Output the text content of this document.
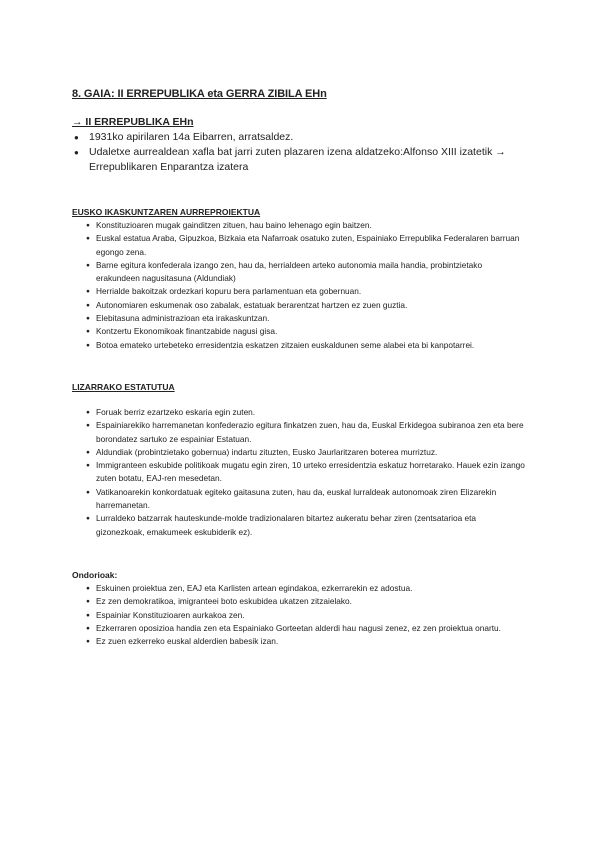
8. GAIA: II ERREPUBLIKA eta GERRA ZIBILA EHn
→ II ERREPUBLIKA EHn
● 1931ko apirilaren 14a Eibarren, arratsaldez.
● Udaletxe aurrealdean xafla bat jarri zuten plazaren izena aldatzeko:Alfonso XIII izatetik → Errepublikaren Enparantza izatera
EUSKO IKASKUNTZAREN AURREPROIEKTUA
● Konstituzioaren mugak gainditzen zituen, hau baino lehenago egin baitzen.
● Euskal estatua Araba, Gipuzkoa, Bizkaia eta Nafarroak osatuko zuten, Espainiako Errepublika Federalaren barruan egongo zena.
● Barne egitura konfederala izango zen, hau da, herrialdeen arteko autonomia maila handia, probintzietako erakundeen nagusitasuna (Aldundiak)
● Herrialde bakoitzak ordezkari kopuru bera parlamentuan eta gobernuan.
● Autonomiaren eskumenak oso zabalak, estatuak berarentzat hartzen ez zuen guztia.
● Elebitasuna administrazioan eta irakaskuntzan.
● Kontzertu Ekonomikoak finantzabide nagusi gisa.
● Botoa emateko urtebeteko erresidentzia eskatzen zitzaien euskaldunen seme alabei eta bi kanpotarrei.
LIZARRAKO ESTATUTUA
● Foruak berriz ezartzeko eskaria egin zuten.
● Espainiarekiko harremanetan konfederazio egitura finkatzen zuen, hau da, Euskal Erkidegoa subiranoa zen eta bere borondatez sartuko ze espainiar Estatuan.
● Aldundiak (probintzietako gobernua) indartu zituzten, Eusko Jaurlaritzaren boterea murriztuz.
● Immigranteen eskubide politikoak mugatu egin ziren, 10 urteko erresidentzia eskatuz horretarako. Hauek ezin izango zuten botatu, EAJ-ren mesedetan.
● Vatikanoarekin konkordatuak egiteko gaitasuna zuten, hau da, euskal lurraldeak autonomoak ziren Elizarekin harremanetan.
● Lurraldeko batzarrak hauteskunde-molde tradizionalaren bitartez aukeratu behar ziren (zentsatarioa eta gizonezkoak, emakumeek eskubiderik ez).
Ondorioak:
● Eskuinen proiektua zen, EAJ eta Karlisten artean egindakoa, ezkerrarekin ez adostua.
● Ez zen demokratikoa, imigranteei boto eskubidea ukatzen zitzaielako.
● Espainiar Konstituzioaren aurkakoa zen.
● Ezkerraren oposizioa handia zen eta Espainiako Gorteetan alderdi hau nagusi zenez, ez zen proiektua onartu.
● Ez zuen ezkerreko euskal alderdien babesik izan.
